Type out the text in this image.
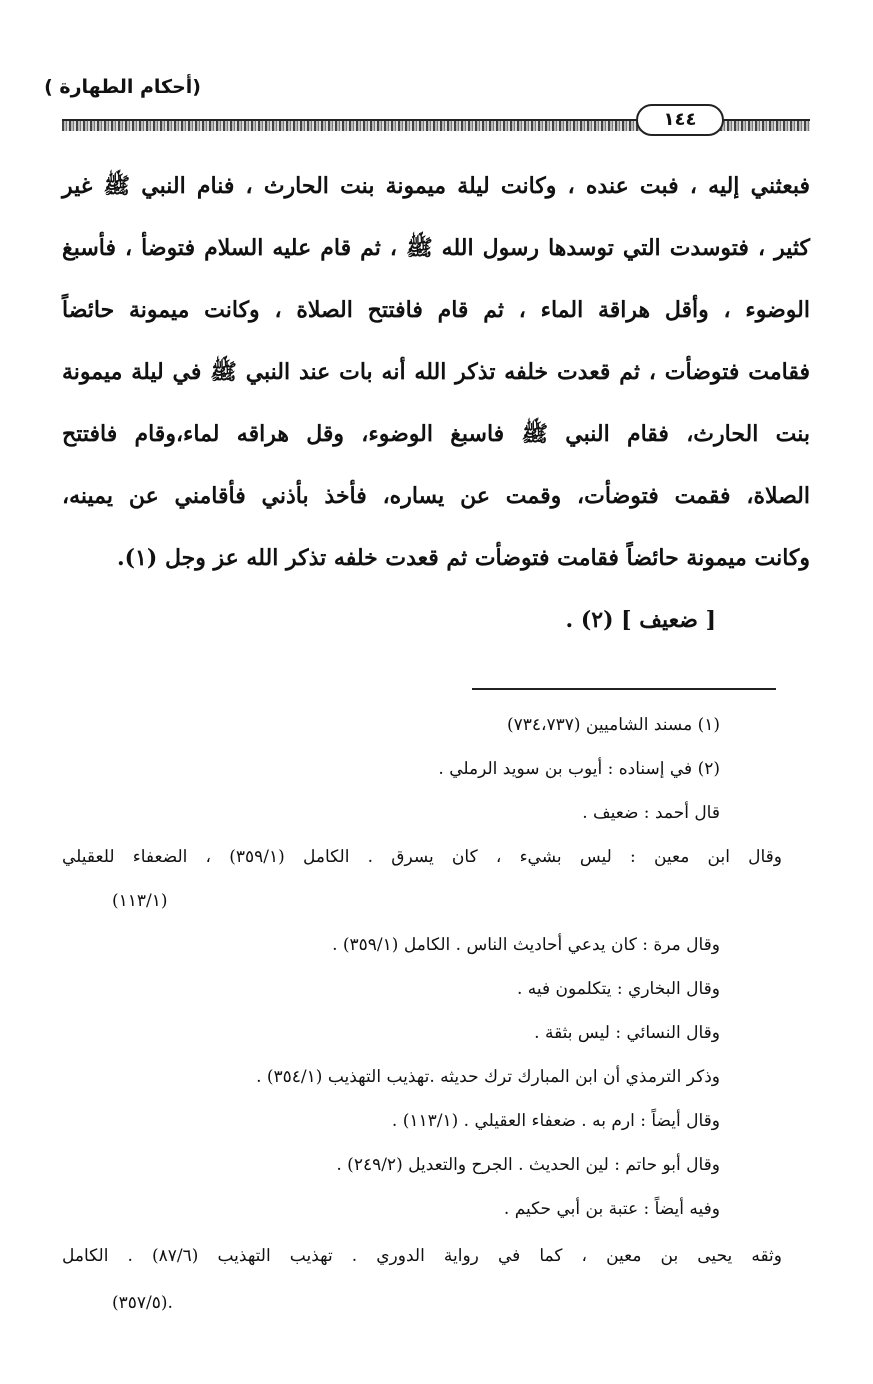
(أحكام الطهارة )
١٤٤
فبعثني إليه ، فبت عنده ، وكانت ليلة ميمونة بنت الحارث ، فنام النبي ﷺ غير
كثير ، فتوسدت التي توسدها رسول الله ﷺ ، ثم قام عليه السلام فتوضأ ، فأسبغ
الوضوء ، وأقل هراقة الماء ، ثم قام فافتتح الصلاة ، وكانت ميمونة حائضاً
فقامت فتوضأت ، ثم قعدت خلفه تذكر الله أنه بات عند النبي ﷺ في ليلة ميمونة
بنت الحارث، فقام النبي ﷺ فاسبغ الوضوء، وقل هراقه لماء،وقام فافتتح
الصلاة، فقمت فتوضأت، وقمت عن يساره، فأخذ بأذني فأقامني عن يمينه،
وكانت ميمونة حائضاً فقامت فتوضأت ثم قعدت خلفه تذكر الله عز وجل (١).
[ ضعيف ] (٢) .
(١) مسند الشاميين (٧٣٤،٧٣٧)
(٢) في إسناده : أيوب بن سويد الرملي .
قال أحمد : ضعيف .
وقال ابن معين : ليس بشيء ، كان يسرق . الكامل (٣٥٩/١) ، الضعفاء للعقيلي
(١١٣/١)
وقال مرة : كان يدعي أحاديث الناس . الكامل (٣٥٩/١) .
وقال البخاري : يتكلمون فيه .
وقال النسائي : ليس بثقة .
وذكر الترمذي أن ابن المبارك ترك حديثه .تهذيب التهذيب (٣٥٤/١) .
وقال أيضاً : ارم به . ضعفاء العقيلي . (١١٣/١) .
وقال أبو حاتم : لين الحديث . الجرح والتعديل (٢٤٩/٢) .
وفيه أيضاً : عتبة بن أبي حكيم .
وثقه يحيى بن معين ، كما في رواية الدوري . تهذيب التهذيب (٨٧/٦) . الكامل
.(٣٥٧/٥)
